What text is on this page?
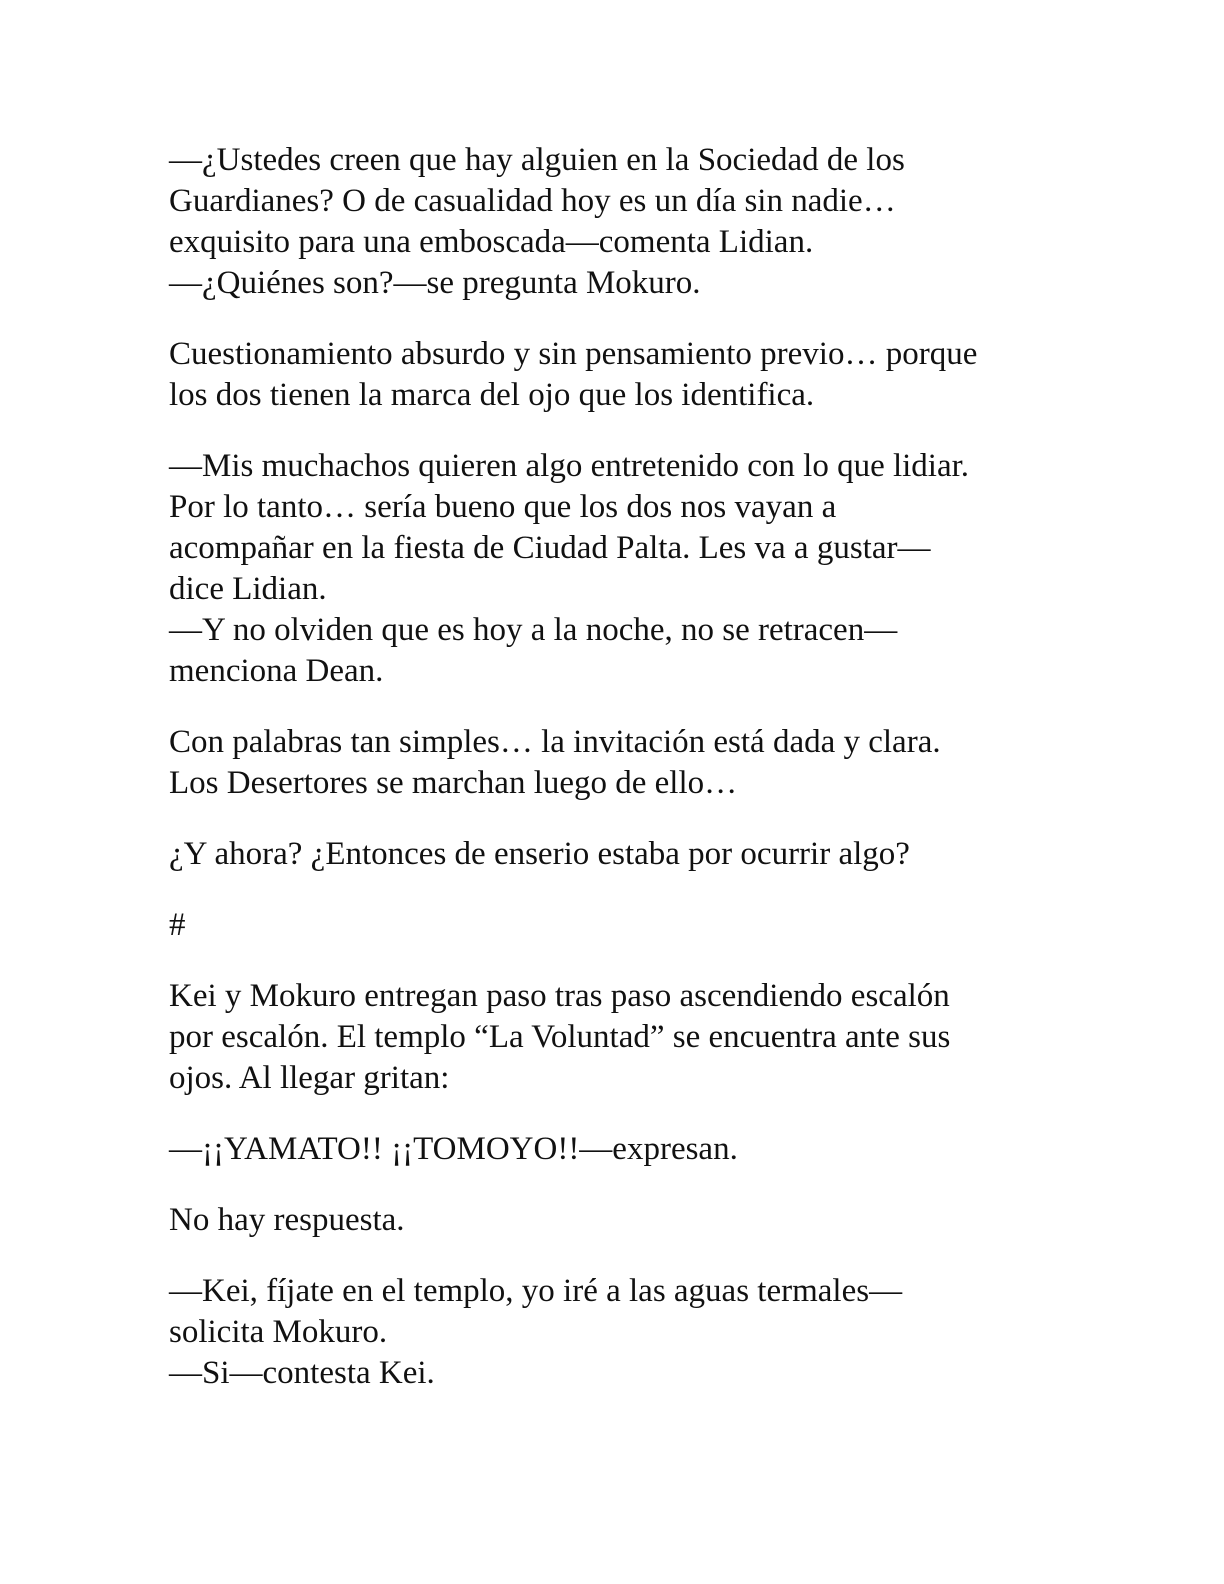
—¿Ustedes creen que hay alguien en la Sociedad de los
Guardianes? O de casualidad hoy es un día sin nadie…
exquisito para una emboscada—comenta Lidian.
—¿Quiénes son?—se pregunta Mokuro.
Cuestionamiento absurdo y sin pensamiento previo… porque
los dos tienen la marca del ojo que los identifica.
—Mis muchachos quieren algo entretenido con lo que lidiar.
Por lo tanto… sería bueno que los dos nos vayan a
acompañar en la fiesta de Ciudad Palta. Les va a gustar—
dice Lidian.
—Y no olviden que es hoy a la noche, no se retracen—
menciona Dean.
Con palabras tan simples… la invitación está dada y clara.
Los Desertores se marchan luego de ello…
¿Y ahora? ¿Entonces de enserio estaba por ocurrir algo?
#
Kei y Mokuro entregan paso tras paso ascendiendo escalón
por escalón. El templo “La Voluntad” se encuentra ante sus
ojos. Al llegar gritan:
—¡¡YAMATO!! ¡¡TOMOYO!!—expresan.
No hay respuesta.
—Kei, fíjate en el templo, yo iré a las aguas termales—
solicita Mokuro.
—Si—contesta Kei.
